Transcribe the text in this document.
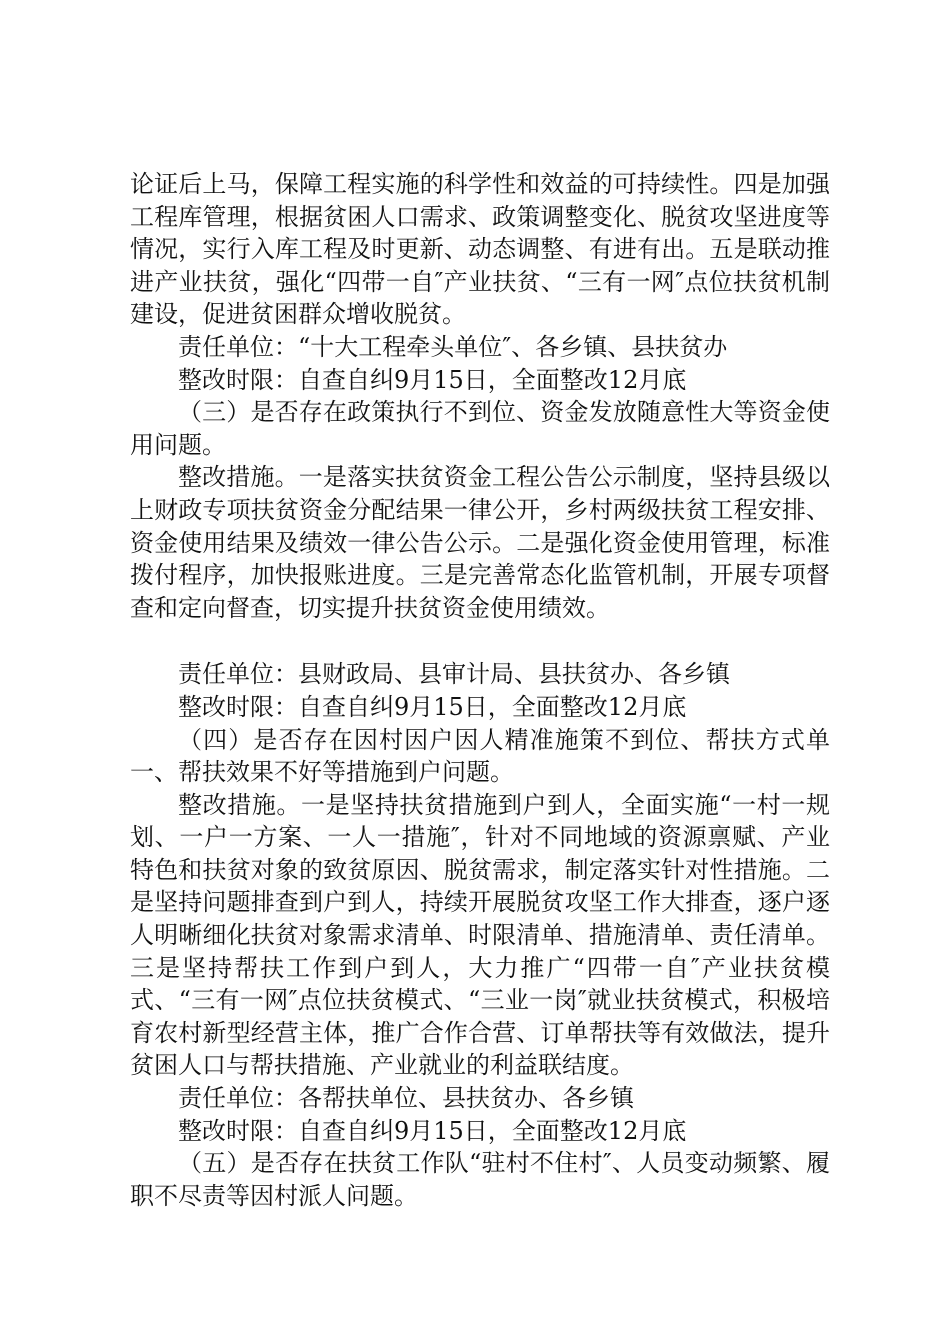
论证后上马，保障工程实施的科学性和效益的可持续性。四是加强工程库管理，根据贫困人口需求、政策调整变化、脱贫攻坚进度等情况，实行入库工程及时更新、动态调整、有进有出。五是联动推进产业扶贫，强化“四带一自″产业扶贫、“三有一网″点位扶贫机制建设，促进贫困群众增收脱贫。

责任单位：“十大工程牵头单位″、各乡镇、县扶贫办

整改时限：自查自纠9月15日，全面整改12月底

（三）是否存在政策执行不到位、资金发放随意性大等资金使用问题。

整改措施。一是落实扶贫资金工程公告公示制度，坚持县级以上财政专项扶贫资金分配结果一律公开，乡村两级扶贫工程安排、资金使用结果及绩效一律公告公示。二是强化资金使用管理，标准拨付程序，加快报账进度。三是完善常态化监管机制，开展专项督查和定向督查，切实提升扶贫资金使用绩效。

责任单位：县财政局、县审计局、县扶贫办、各乡镇

整改时限：自查自纠9月15日，全面整改12月底

（四）是否存在因村因户因人精准施策不到位、帮扶方式单一、帮扶效果不好等措施到户问题。

整改措施。一是坚持扶贫措施到户到人，全面实施“一村一规划、一户一方案、一人一措施″，针对不同地域的资源禀赋、产业特色和扶贫对象的致贫原因、脱贫需求，制定落实针对性措施。二是坚持问题排查到户到人，持续开展脱贫攻坚工作大排查，逐户逐人明晰细化扶贫对象需求清单、时限清单、措施清单、责任清单。三是坚持帮扶工作到户到人，大力推广“四带一自″产业扶贫模式、“三有一网″点位扶贫模式、“三业一岗″就业扶贫模式，积极培育农村新型经营主体，推广合作合营、订单帮扶等有效做法，提升贫困人口与帮扶措施、产业就业的利益联结度。

责任单位：各帮扶单位、县扶贫办、各乡镇

整改时限：自查自纠9月15日，全面整改12月底

（五）是否存在扶贫工作队“驻村不住村″、人员变动频繁、履职不尽责等因村派人问题。
